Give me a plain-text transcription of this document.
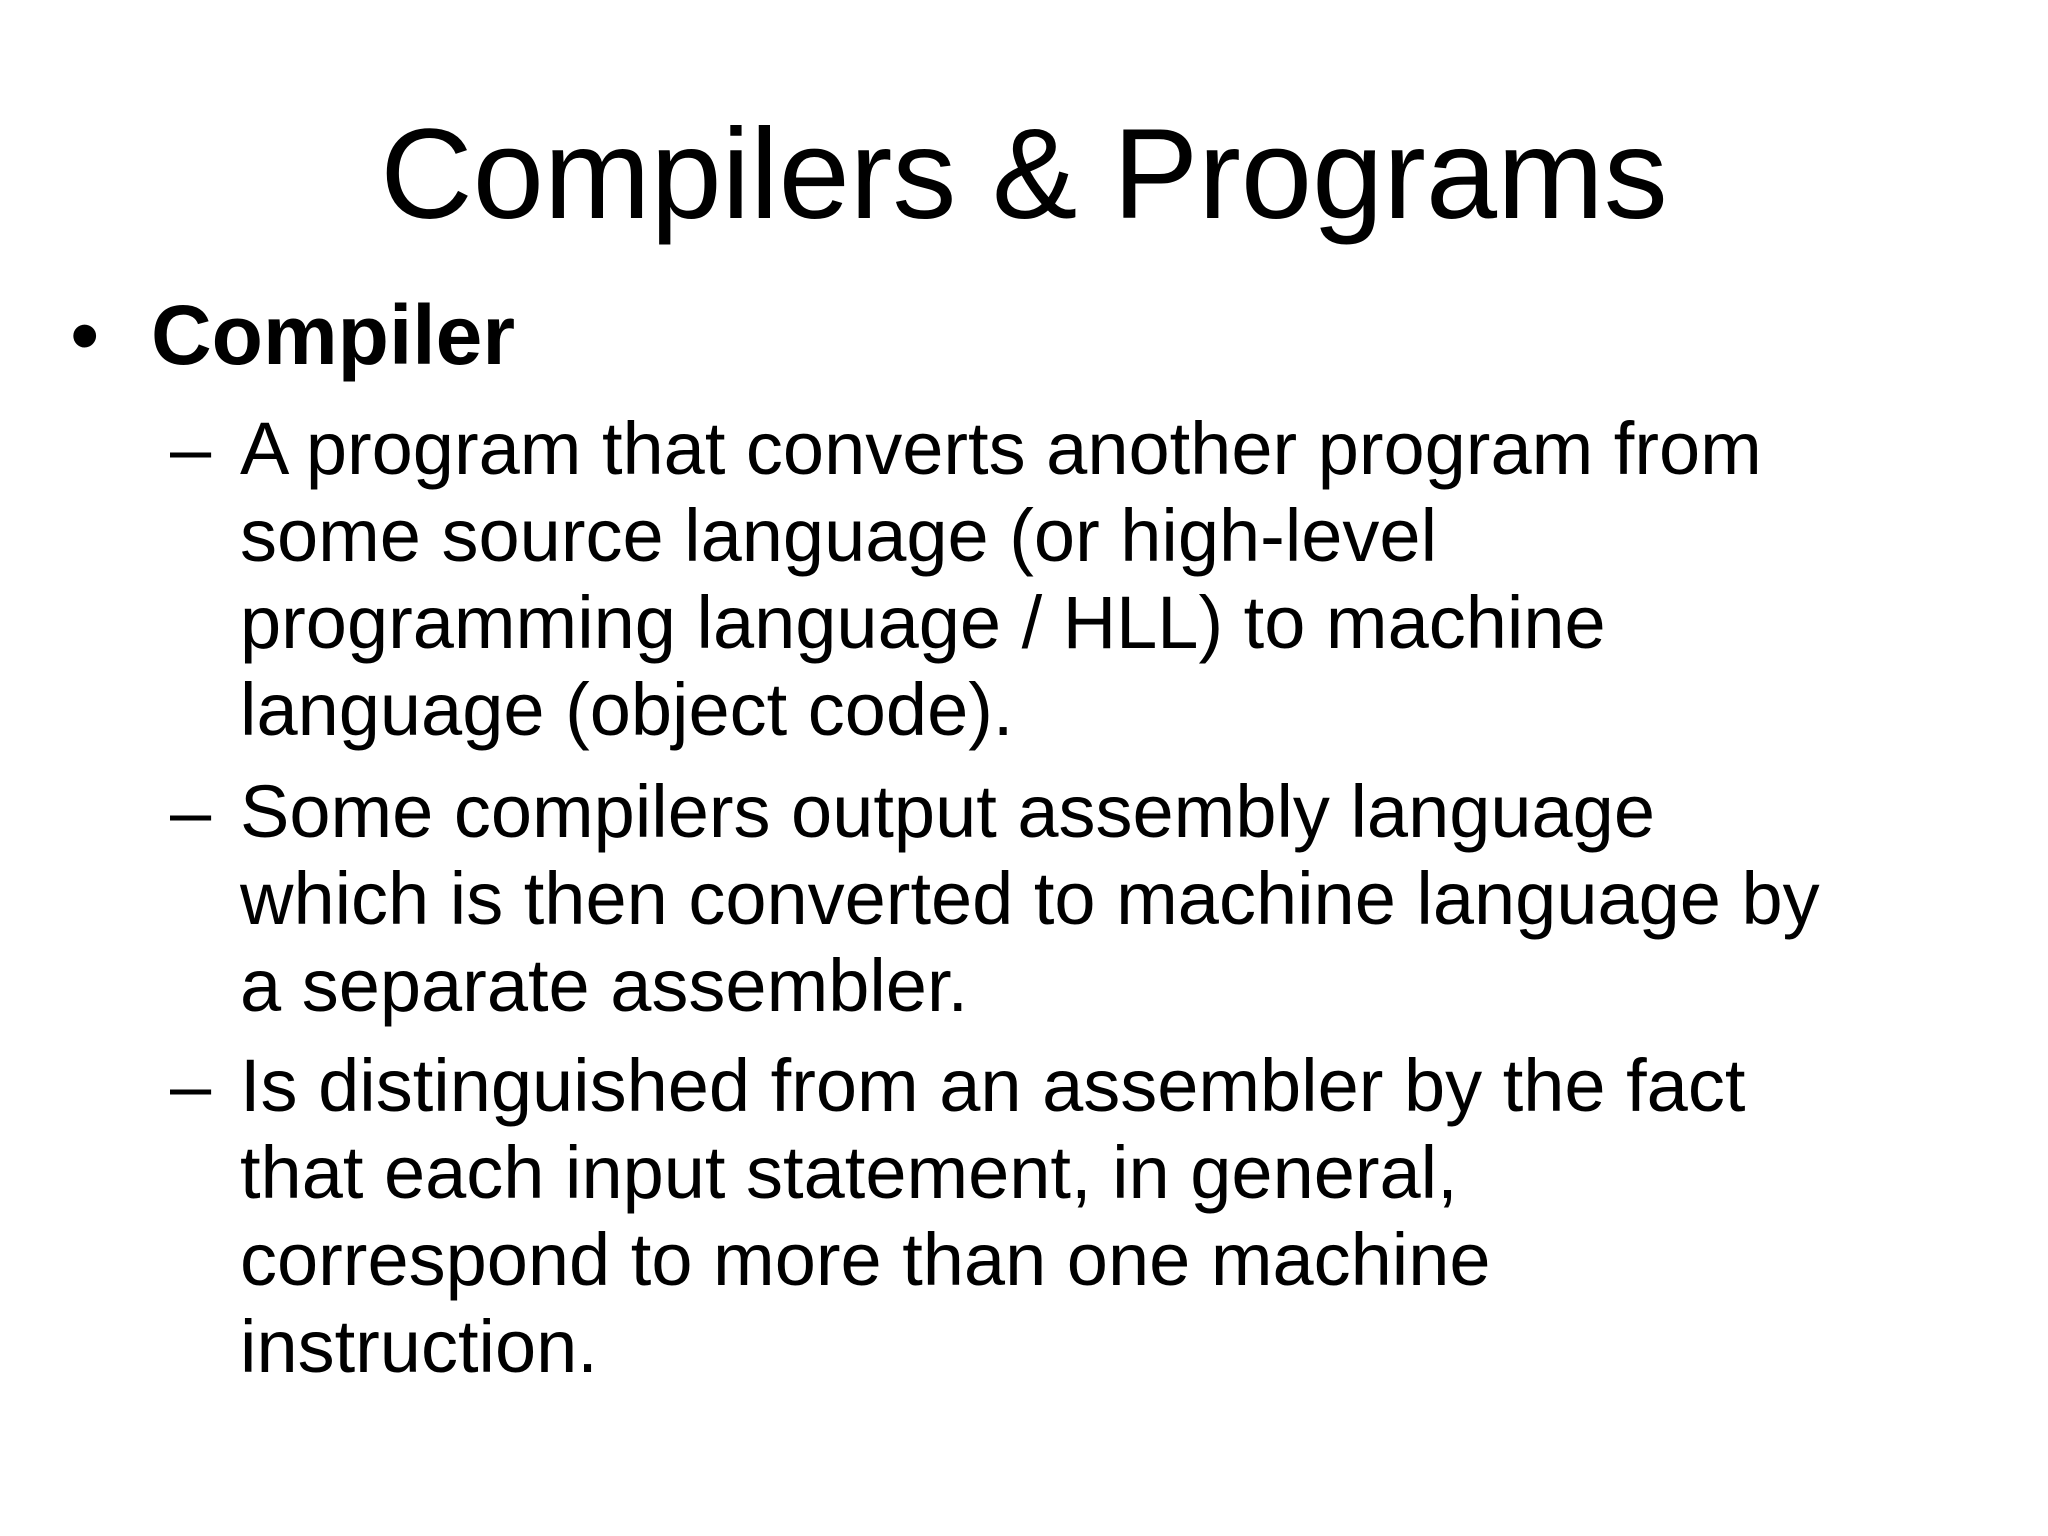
Compilers & Programs
• Compiler
– A program that converts another program from
some source language (or high-level
programming language / HLL) to machine
language (object code).
– Some compilers output assembly language
which is then converted to machine language by
a separate assembler.
– Is distinguished from an assembler by the fact
that each input statement, in general,
correspond to more than one machine
instruction.
